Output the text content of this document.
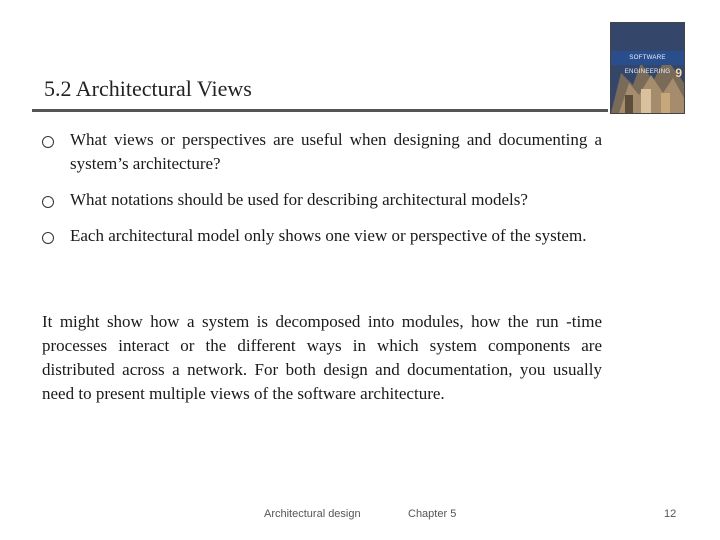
5.2 Architectural Views
SOFTWARE ENGINEERING 9
What views or perspectives are useful when designing and documenting a system’s architecture?
What notations should be used for describing architectural models?
Each architectural model only shows one view or perspective of the system.

It might show how a system is decomposed into modules, how the run -time processes interact or the different ways in which system components are distributed across a network. For both design and documentation, you usually need to present multiple views of the software architecture.

Architectural design	Chapter 5	12
